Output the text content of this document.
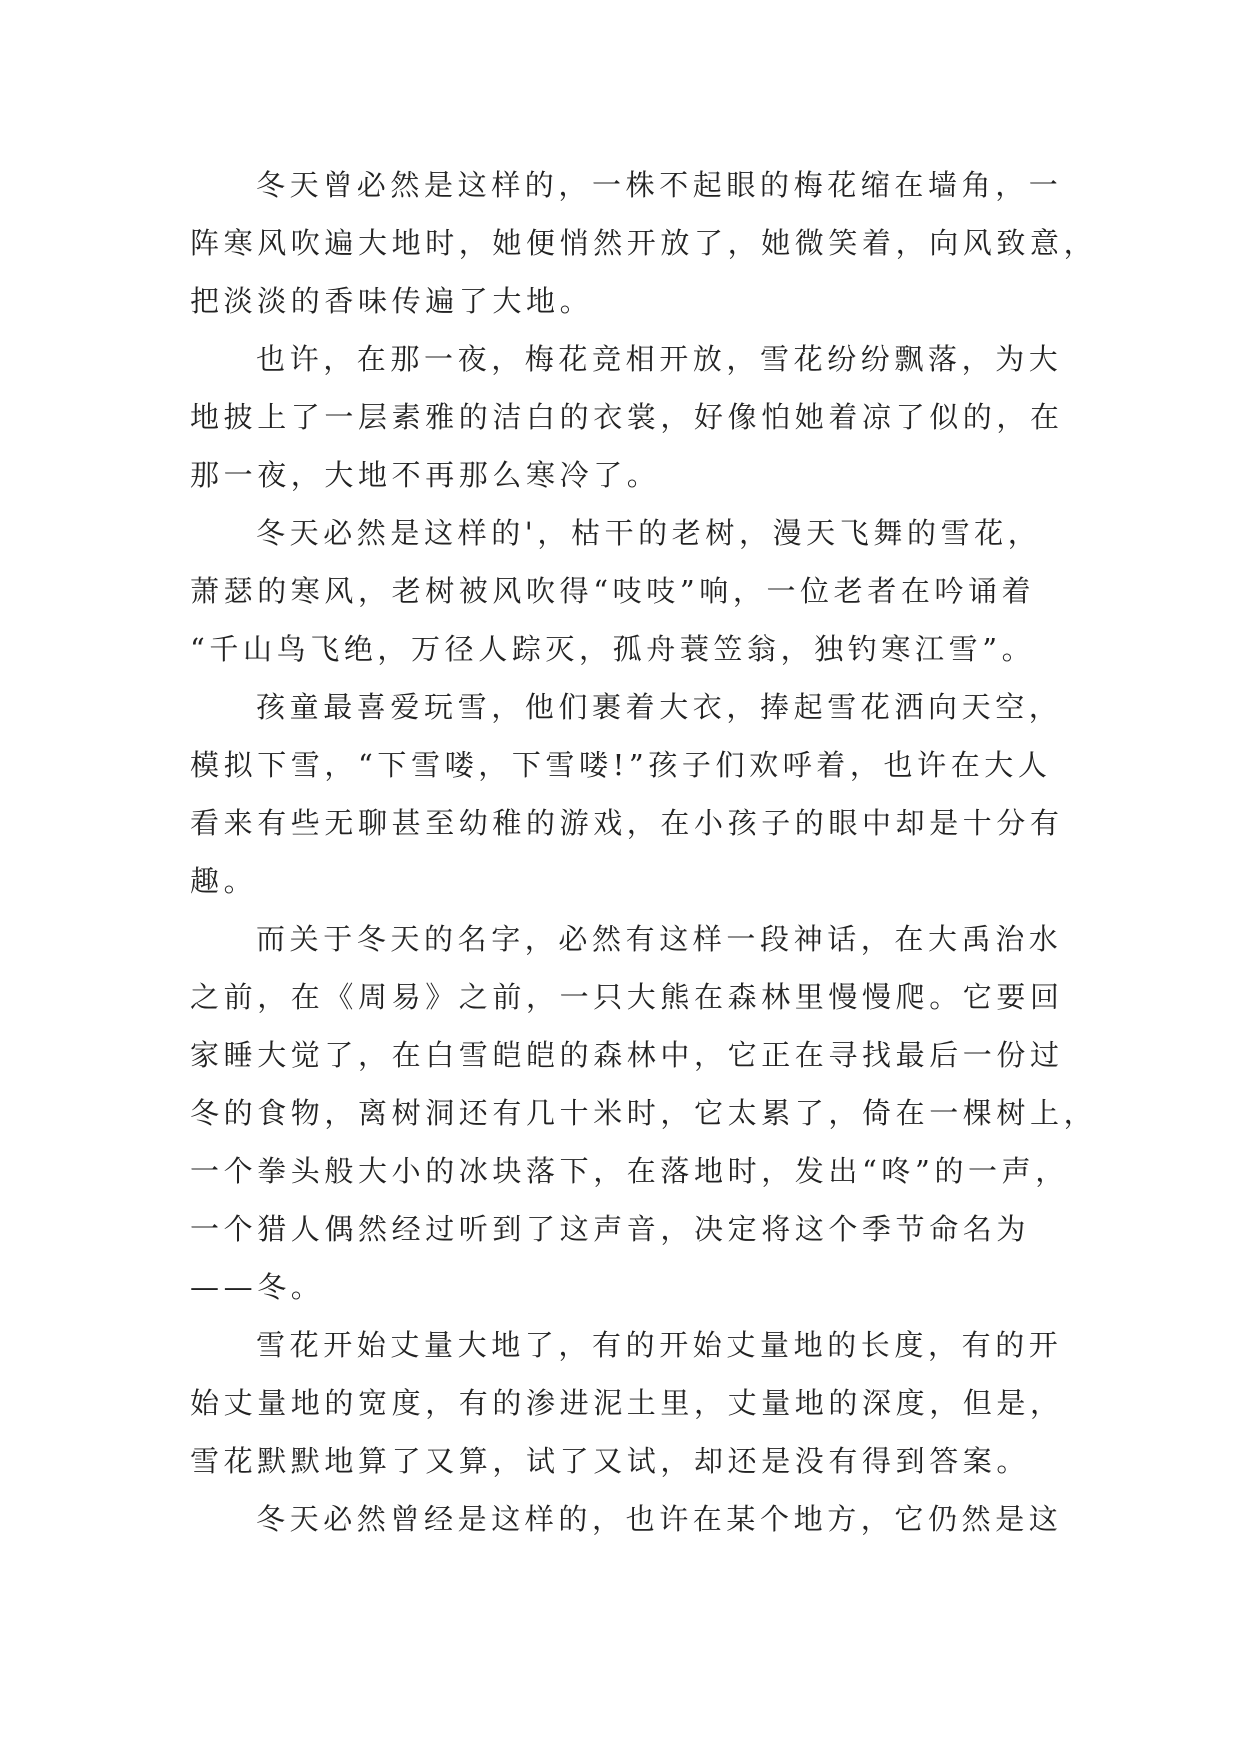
冬天曾必然是这样的，一株不起眼的梅花缩在墙角，一
阵寒风吹遍大地时，她便悄然开放了，她微笑着，向风致意，
把淡淡的香味传遍了大地。
也许，在那一夜，梅花竞相开放，雪花纷纷飘落，为大
地披上了一层素雅的洁白的衣裳，好像怕她着凉了似的，在
那一夜，大地不再那么寒冷了。
冬天必然是这样的'，枯干的老树，漫天飞舞的雪花，
萧瑟的寒风，老树被风吹得“吱吱”响，一位老者在吟诵着
“千山鸟飞绝，万径人踪灭，孤舟蓑笠翁，独钓寒江雪”。
孩童最喜爱玩雪，他们裹着大衣，捧起雪花洒向天空，
模拟下雪，“下雪喽，下雪喽!”孩子们欢呼着，也许在大人
看来有些无聊甚至幼稚的游戏，在小孩子的眼中却是十分有
趣。
而关于冬天的名字，必然有这样一段神话，在大禹治水
之前，在《周易》之前，一只大熊在森林里慢慢爬。它要回
家睡大觉了，在白雪皑皑的森林中，它正在寻找最后一份过
冬的食物，离树洞还有几十米时，它太累了，倚在一棵树上，
一个拳头般大小的冰块落下，在落地时，发出“咚”的一声，
一个猎人偶然经过听到了这声音，决定将这个季节命名为
——冬。
雪花开始丈量大地了，有的开始丈量地的长度，有的开
始丈量地的宽度，有的渗进泥土里，丈量地的深度，但是，
雪花默默地算了又算，试了又试，却还是没有得到答案。
冬天必然曾经是这样的，也许在某个地方，它仍然是这
